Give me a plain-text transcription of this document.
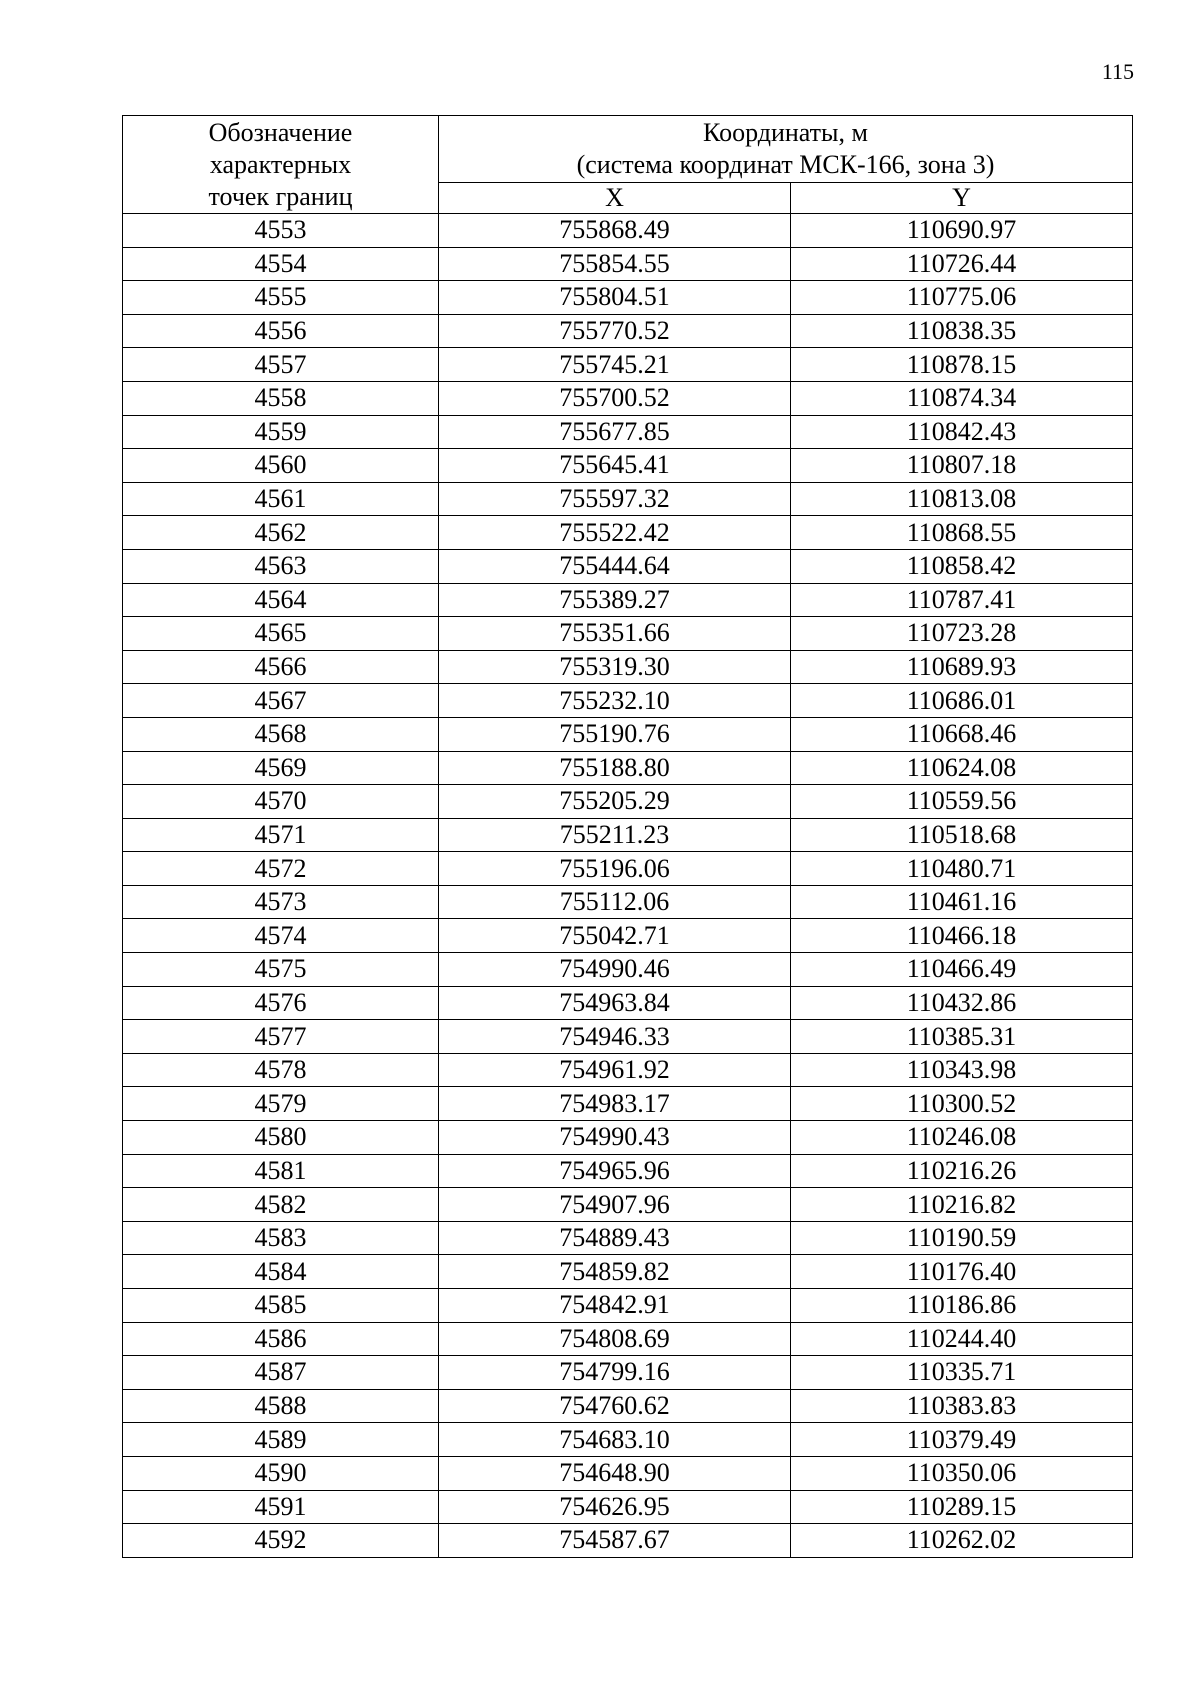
115
Обозначение
характерных
точек границ	Координаты, м
(система координат МСК-166, зона 3)	

	X	Y
4553	755868.49	110690.97
4554	755854.55	110726.44
4555	755804.51	110775.06
4556	755770.52	110838.35
4557	755745.21	110878.15
4558	755700.52	110874.34
4559	755677.85	110842.43
4560	755645.41	110807.18
4561	755597.32	110813.08
4562	755522.42	110868.55
4563	755444.64	110858.42
4564	755389.27	110787.41
4565	755351.66	110723.28
4566	755319.30	110689.93
4567	755232.10	110686.01
4568	755190.76	110668.46
4569	755188.80	110624.08
4570	755205.29	110559.56
4571	755211.23	110518.68
4572	755196.06	110480.71
4573	755112.06	110461.16
4574	755042.71	110466.18
4575	754990.46	110466.49
4576	754963.84	110432.86
4577	754946.33	110385.31
4578	754961.92	110343.98
4579	754983.17	110300.52
4580	754990.43	110246.08
4581	754965.96	110216.26
4582	754907.96	110216.82
4583	754889.43	110190.59
4584	754859.82	110176.40
4585	754842.91	110186.86
4586	754808.69	110244.40
4587	754799.16	110335.71
4588	754760.62	110383.83
4589	754683.10	110379.49
4590	754648.90	110350.06
4591	754626.95	110289.15
4592	754587.67	110262.02
